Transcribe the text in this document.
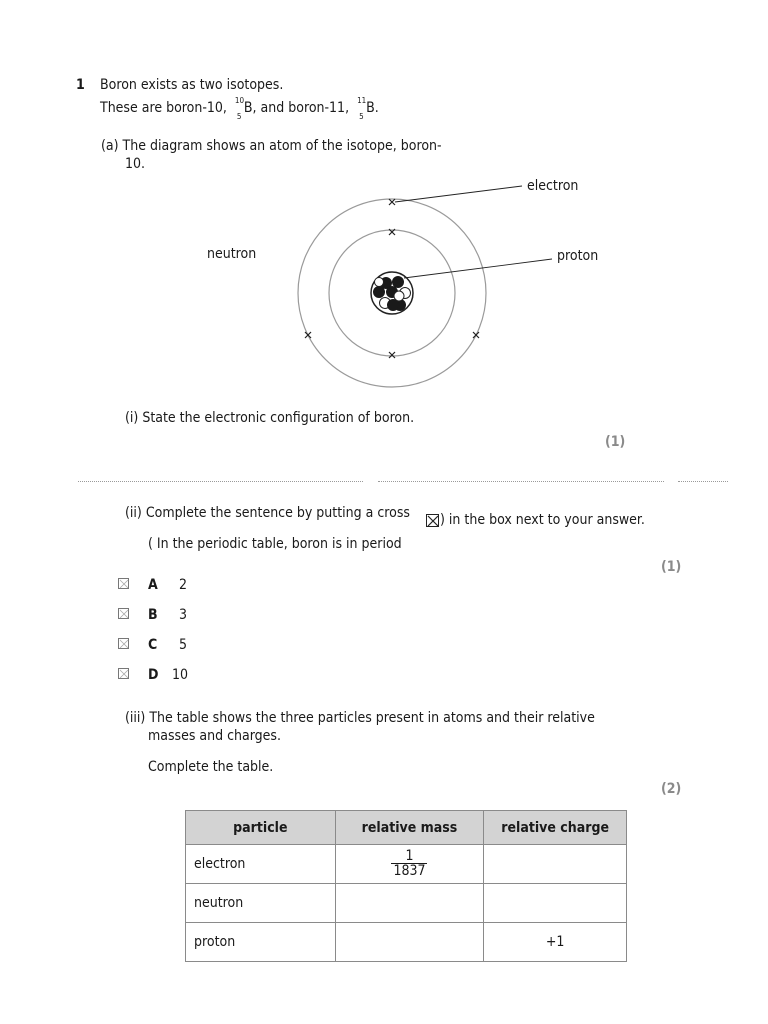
1 Boron exists as two isotopes.
These are boron-10, 10
5
B, and boron-11, 11
5
B.
(a) The diagram shows an atom of the isotope, boron-
10.
electron
neutron	proton
(i) State the electronic configuration of boron.
(1)
(ii) Complete the sentence by putting a cross ) in the box next to your answer.
( In the periodic table, boron is in period
(1)
A 2
B 3
C 5
D 10
(iii) The table shows the three particles present in atoms and their relative
masses and charges.
Complete the table.
(2)
particle	relative mass	relative charge
electron	$\frac{1}{1837}$

neutron		
proton		+1
